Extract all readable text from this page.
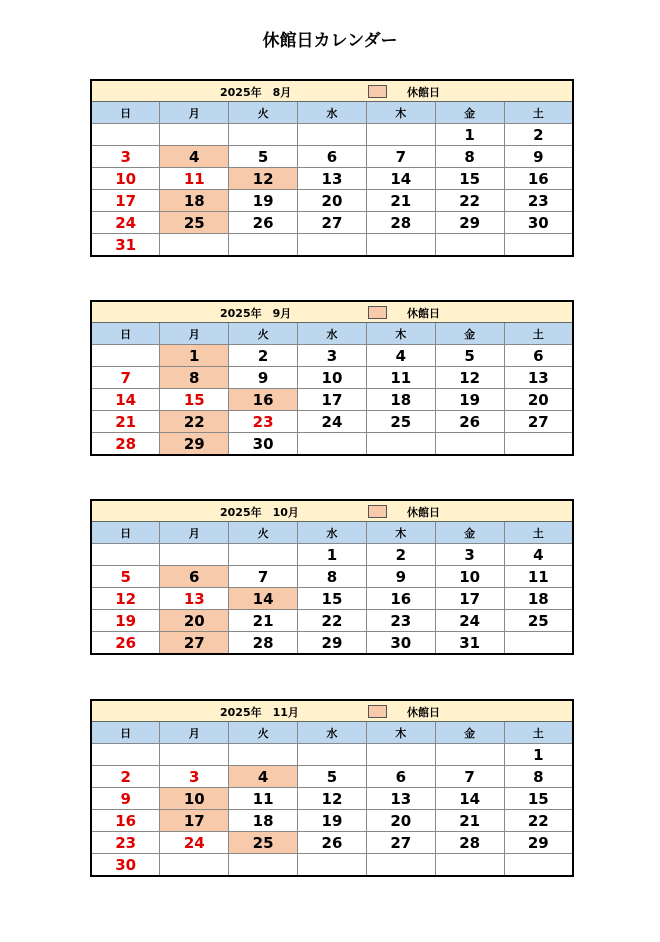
休館日カレンダー
2025年　8月 休館日						

日	月	火	水	木	金	土
					1	2
3	4	5	6	7	8	9
10	11	12	13	14	15	16
17	18	19	20	21	22	23
24	25	26	27	28	29	30
31						
2025年　9月 休館日						

日	月	火	水	木	金	土
	1	2	3	4	5	6
7	8	9	10	11	12	13
14	15	16	17	18	19	20
21	22	23	24	25	26	27
28	29	30				
2025年　10月 休館日						

日	月	火	水	木	金	土
			1	2	3	4
5	6	7	8	9	10	11
12	13	14	15	16	17	18
19	20	21	22	23	24	25
26	27	28	29	30	31	
2025年　11月 休館日						

日	月	火	水	木	金	土
						1
2	3	4	5	6	7	8
9	10	11	12	13	14	15
16	17	18	19	20	21	22
23	24	25	26	27	28	29
30						
